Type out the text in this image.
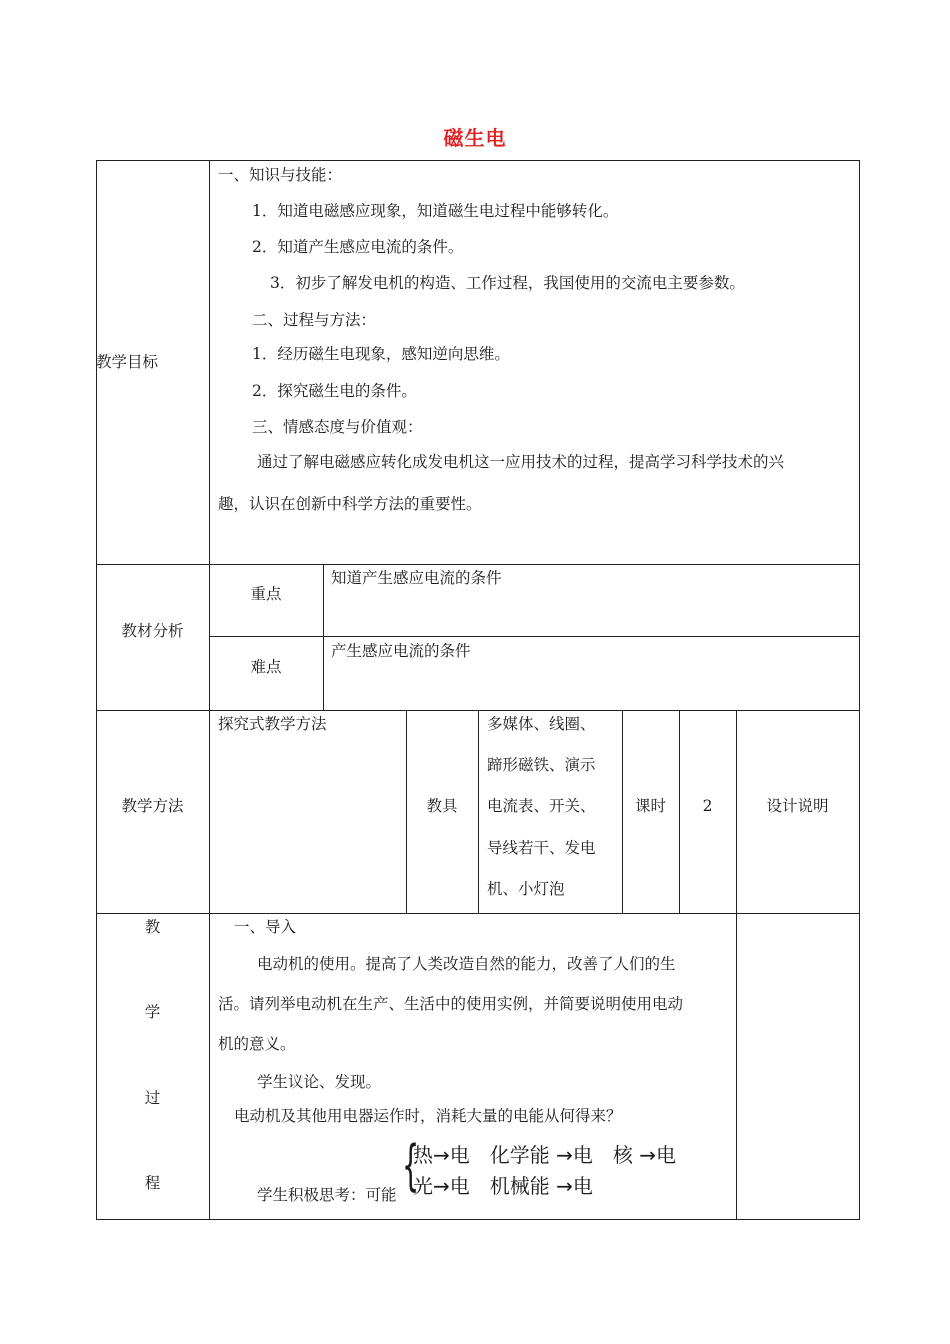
磁生电
教学目标
一、知识与技能：
1．知道电磁感应现象，知道磁生电过程中能够转化。
2．知道产生感应电流的条件。
3．初步了解发电机的构造、工作过程，我国使用的交流电主要参数。
二、过程与方法：
1．经历磁生电现象，感知逆向思维。
2．探究磁生电的条件。
三、情感态度与价值观：
通过了解电磁感应转化成发电机这一应用技术的过程，提高学习科学技术的兴
趣，认识在创新中科学方法的重要性。
教材分析
重点
知道产生感应电流的条件
难点
产生感应电流的条件
教学方法
探究式教学方法
教具
多媒体、线圈、
蹄形磁铁、演示
电流表、开关、
导线若干、发电
机、小灯泡
课时	2	设计说明
教
学
过
程
一、导入
电动机的使用。提高了人类改造自然的能力，改善了人们的生
活。请列举电动机在生产、生活中的使用实例，并简要说明使用电动
机的意义。
学生议论、发现。
电动机及其他用电器运作时，消耗大量的电能从何得来？
学生积极思考：可能 {
热→电　化学能 →电　核 →电
光→电　机械能 →电
